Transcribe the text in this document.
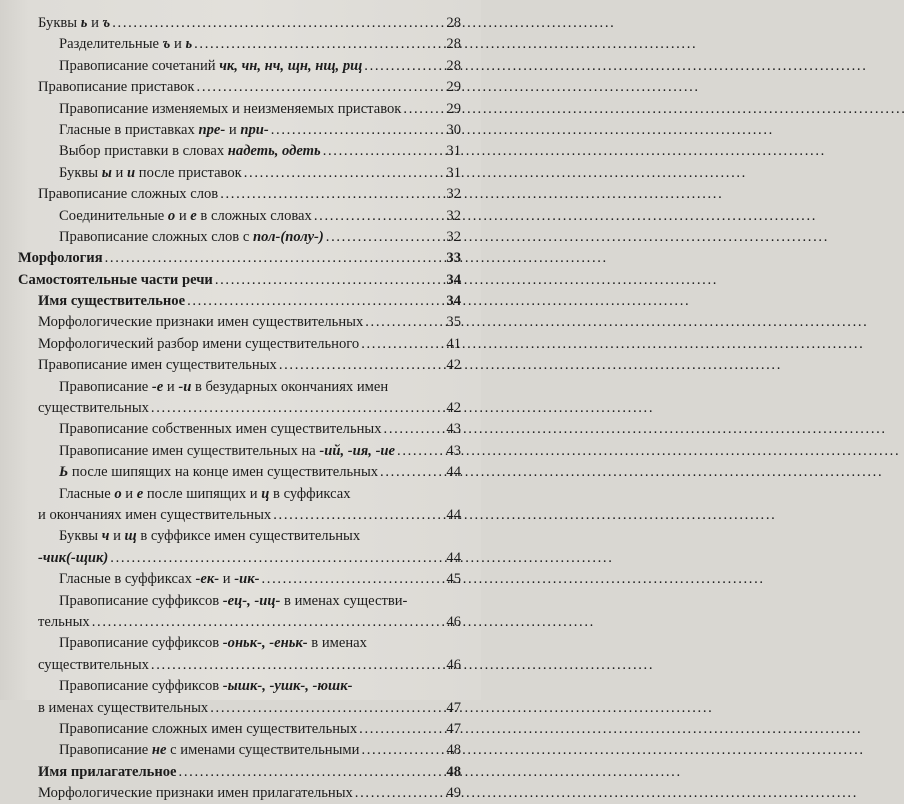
Буквы ь и ъ . . .	28
Разделительные ъ и ь . . .	28
Правописание сочетаний чк, чн, нч, щн, нщ, рщ . . .	28
Правописание приставок . . .	29
Правописание изменяемых и неизменяемых приставок . . .	29
Гласные в приставках пре- и при- . . .	30
Выбор приставки в словах надеть, одеть . . .	31
Буквы ы и и после приставок . . .	31
Правописание сложных слов . . .	32
Соединительные о и е в сложных словах . . .	32
Правописание сложных слов с пол-(полу-) . . .	32
Морфология . . .	33
Самостоятельные части речи . . .	34
Имя существительное . . .	34
Морфологические признаки имен существительных . . .	35
Морфологический разбор имени существительного . . .	41
Правописание имен существительных . . .	42
Правописание -е и -и в безударных окончаниях имен
существительных . . .	42
Правописание собственных имен существительных . . .	43
Правописание имен существительных на -ий, -ия, -ие . . .	43
Ь после шипящих на конце имен существительных . . .	44
Гласные о и е после шипящих и ц в суффиксах
и окончаниях имен существительных . . .	44
Буквы ч и щ в суффиксе имен существительных
-чик(-щик) . . .	44
Гласные в суффиксах -ек- и -ик- . . .	45
Правописание суффиксов -ец-, -иц- в именах существи-
тельных . . .	46
Правописание суффиксов -оньк-, -еньк- в именах
существительных . . .	46
Правописание суффиксов -ышк-, -ушк-, -юшк-
в именах существительных . . .	47
Правописание сложных имен существительных . . .	47
Правописание не с именами существительными . . .	48
Имя прилагательное . . .	48
Морфологические признаки имен прилагательных . . .	49
